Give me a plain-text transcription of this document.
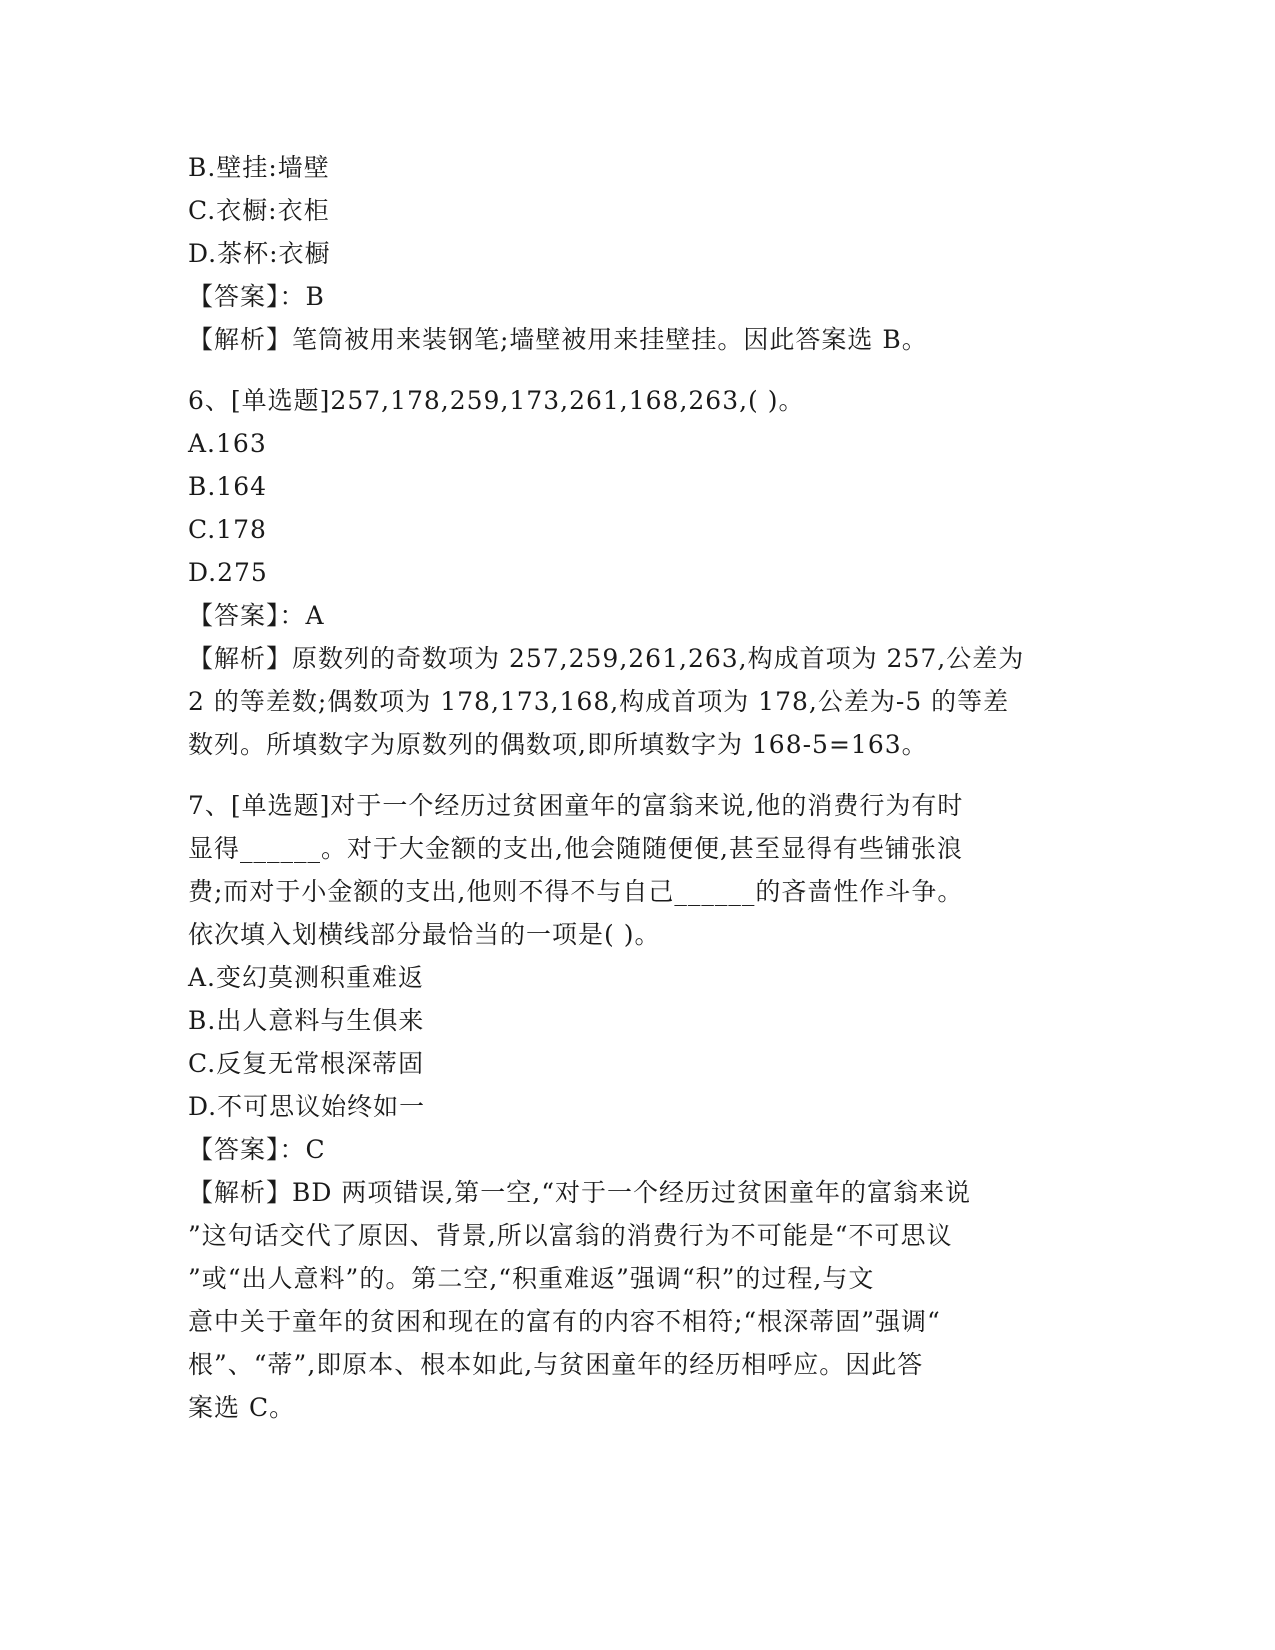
B.壁挂:墙壁
C.衣橱:衣柜
D.茶杯:衣橱
【答案】：B
【解析】笔筒被用来装钢笔;墙壁被用来挂壁挂。因此答案选 B。
6、[单选题]257,178,259,173,261,168,263,( )。
A.163
B.164
C.178
D.275
【答案】：A
【解析】原数列的奇数项为 257,259,261,263,构成首项为 257,公差为
2 的等差数;偶数项为 178,173,168,构成首项为 178,公差为-5 的等差
数列。所填数字为原数列的偶数项,即所填数字为 168-5=163。
7、[单选题]对于一个经历过贫困童年的富翁来说,他的消费行为有时
显得______。对于大金额的支出,他会随随便便,甚至显得有些铺张浪
费;而对于小金额的支出,他则不得不与自己______的吝啬性作斗争。
依次填入划横线部分最恰当的一项是( )。
A.变幻莫测积重难返
B.出人意料与生俱来
C.反复无常根深蒂固
D.不可思议始终如一
【答案】：C
【解析】BD 两项错误,第一空,“对于一个经历过贫困童年的富翁来说
”这句话交代了原因、背景,所以富翁的消费行为不可能是“不可思议
”或“出人意料”的。第二空,“积重难返”强调“积”的过程,与文
意中关于童年的贫困和现在的富有的内容不相符;“根深蒂固”强调“
根”、“蒂”,即原本、根本如此,与贫困童年的经历相呼应。因此答
案选 C。
